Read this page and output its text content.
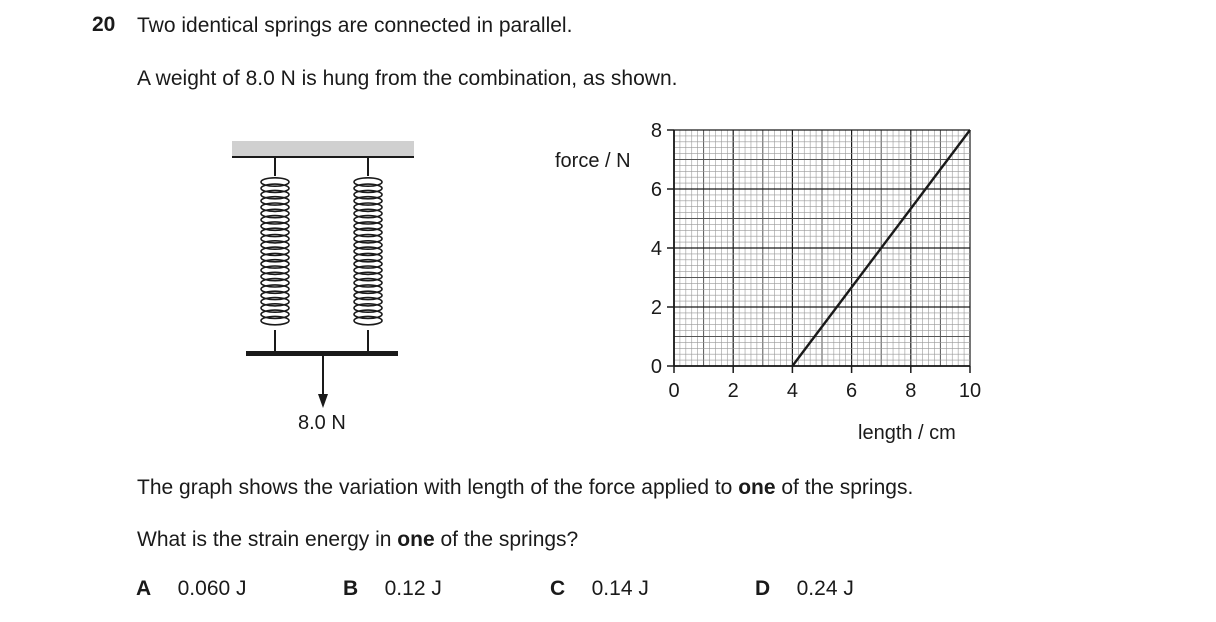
20 Two identical springs are connected in parallel.
A weight of 8.0 N is hung from the combination, as shown.
8.0 N
0 2 4 6 8 10
0
2
4
6
8
force / N
length / cm
The graph shows the variation with length of the force applied to one of the springs.
What is the strain energy in one of the springs?
A 0.060 J	B 0.12 J	C 0.14 J	D 0.24 J
